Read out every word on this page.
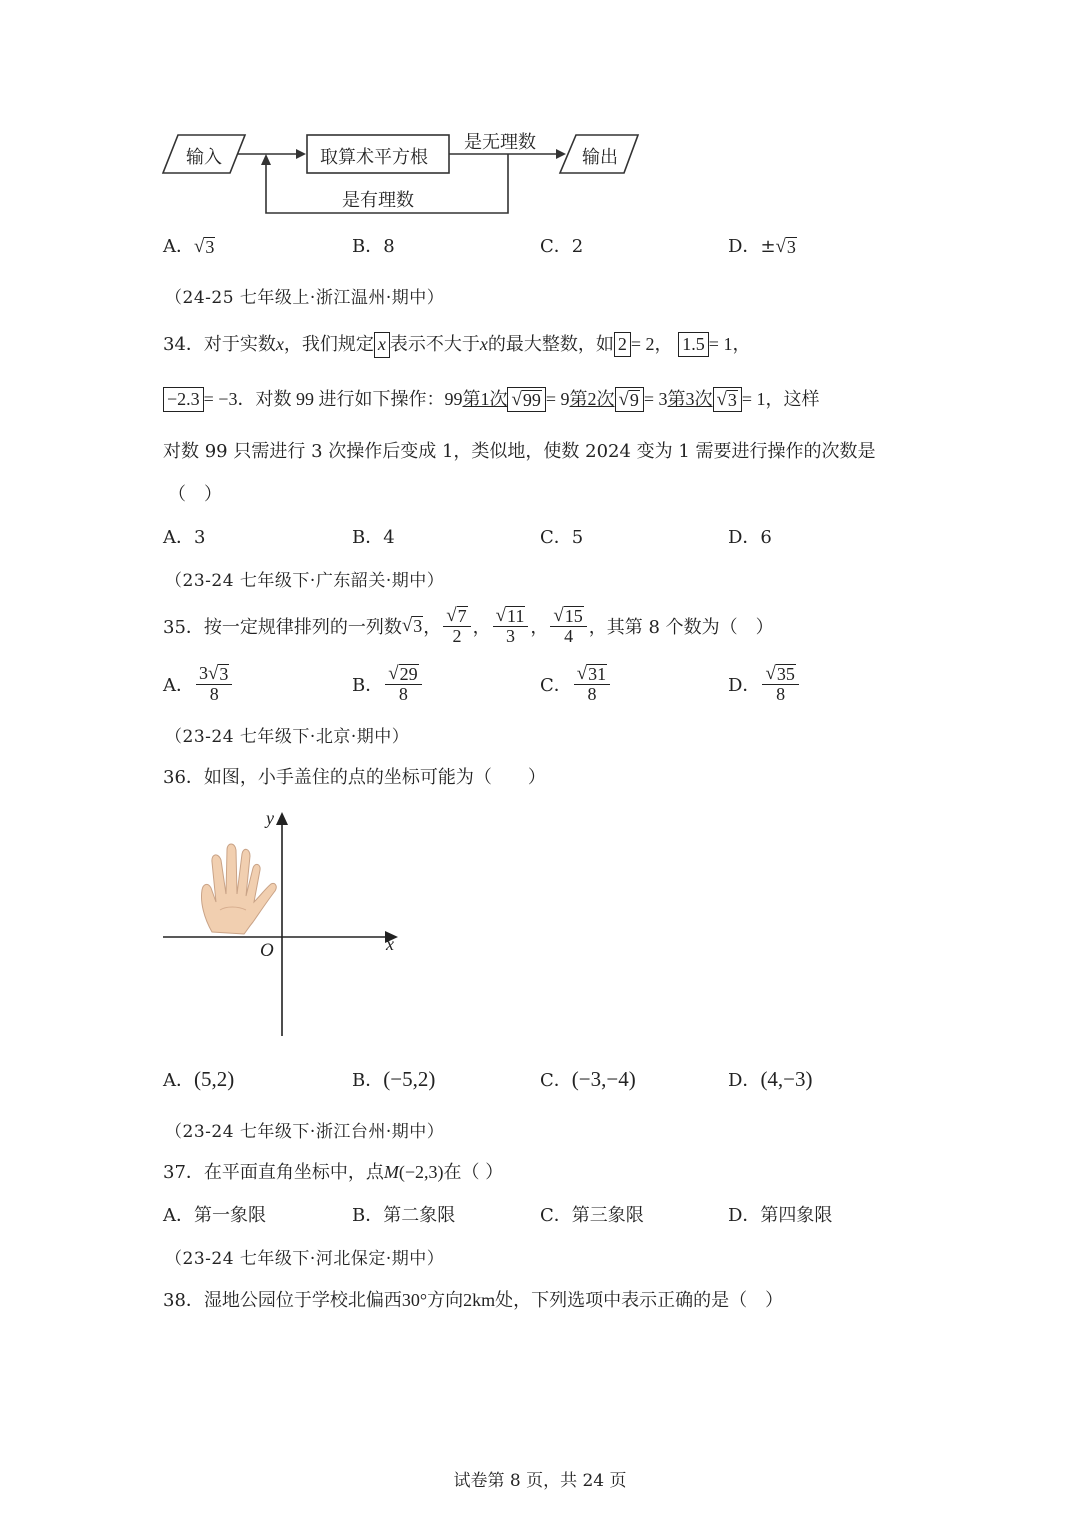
输入	取算术平方根
是无理数
输出
是有理数
A． √ 3	B．8	C．2	D．± √ 3
（24-25 七年级上·浙江温州·期中）
34．对于实数x，我们规定 x 表示不大于x的最大整数，如 2 = 2， 1.5 = 1，
−2.3 = −3．对数 99 进行如下操作：99第1次 √ 99 = 9第2次 √ 9 = 3第3次 √ 3 = 1，这样
对数 99 只需进行 3 次操作后变成 1，类似地，使数 2024 变为 1 需要进行操作的次数是
（　）
A．3	B．4	C．5	D．6
（23-24 七年级下·广东韶关·期中）
35．按一定规律排列的一列数 √ 3 ， $\frac{√ 7}{2}$ ， $\frac{√ 11}{3}$ ， $\frac{√ 15}{4}$ ，其第 8 个数为（　）
A． $\frac{3 √ 3}{8}$	B． $\frac{√ 29}{8}$	C． $\frac{√ 31}{8}$	D． $\frac{√ 35}{8}$
（23-24 七年级下·北京·期中）
36．如图，小手盖住的点的坐标可能为（　　）
y
x
O
A．(5,2)	B．(−5,2)	C．(−3,−4)	D．(4,−3)
（23-24 七年级下·浙江台州·期中）
37．在平面直角坐标中，点M(−2,3)在（ ）
A．第一象限	B．第二象限	C．第三象限	D．第四象限
（23-24 七年级下·河北保定·期中）
38．湿地公园位于学校北偏西30°方向2km处，下列选项中表示正确的是（　）
试卷第 8 页，共 24 页
